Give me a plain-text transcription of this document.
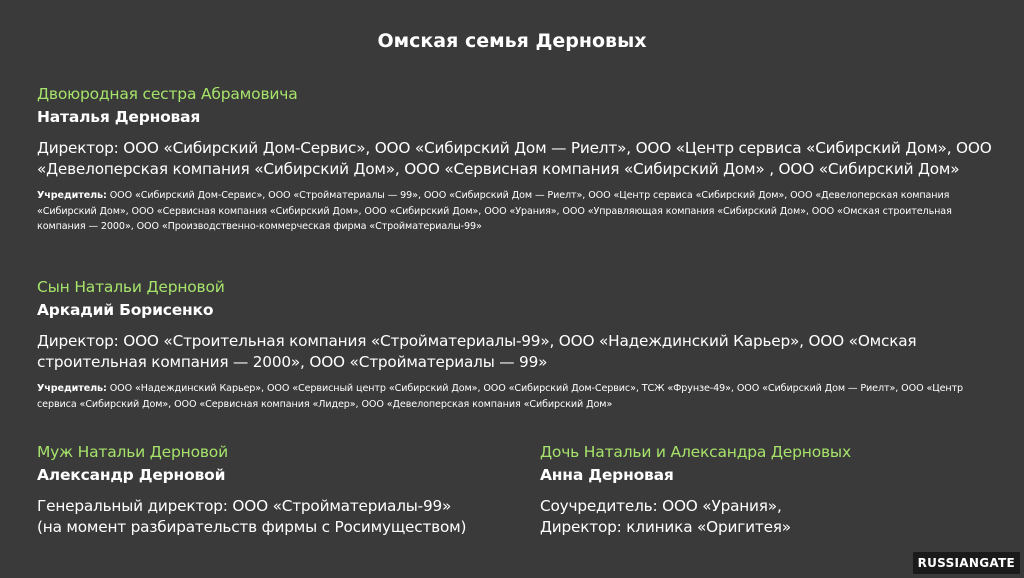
Омская семья Дерновых
Двоюродная сестра Абрамовича
Наталья Дерновая
Директор: ООО «Сибирский Дом-Сервис», ООО «Сибирский Дом — Риелт», ООО «Центр сервиса «Сибирский Дом», ООО «Девелоперская компания «Сибирский Дом», ООО «Сервисная компания «Сибирский Дом» , ООО «Сибирский Дом»
Учредитель: ООО «Сибирский Дом-Сервис», ООО «Стройматериалы — 99», ООО «Сибирский Дом — Риелт», ООО «Центр сервиса «Сибирский Дом», ООО «Девелоперская компания «Сибирский Дом», ООО «Сервисная компания «Сибирский Дом», ООО «Сибирский Дом», ООО «Урания», ООО «Управляющая компания «Сибирский Дом», ООО «Омская строительная компания — 2000», ООО «Производственно-коммерческая фирма «Стройматериалы-99»
Сын Натальи Дерновой
Аркадий Борисенко
Директор: ООО «Строительная компания «Стройматериалы-99», ООО «Надеждинский Карьер», ООО «Омская строительная компания — 2000», ООО «Стройматериалы — 99»
Учредитель: ООО «Надеждинский Карьер», ООО «Сервисный центр «Сибирский Дом», ООО «Сибирский Дом-Сервис», ТСЖ «Фрунзе-49», ООО «Сибирский Дом — Риелт», ООО «Центр сервиса «Сибирский Дом», ООО «Сервисная компания «Лидер», ООО «Девелоперская компания «Сибирский Дом»
Муж Натальи Дерновой
Александр Дерновой
Генеральный директор: ООО «Стройматериалы-99»
(на момент разбирательств фирмы с Росимуществом)
Дочь Натальи и Александра Дерновых
Анна Дерновая
Соучредитель: ООО «Урания»,
Директор: клиника «Оригитея»
RUSSIANGATE
